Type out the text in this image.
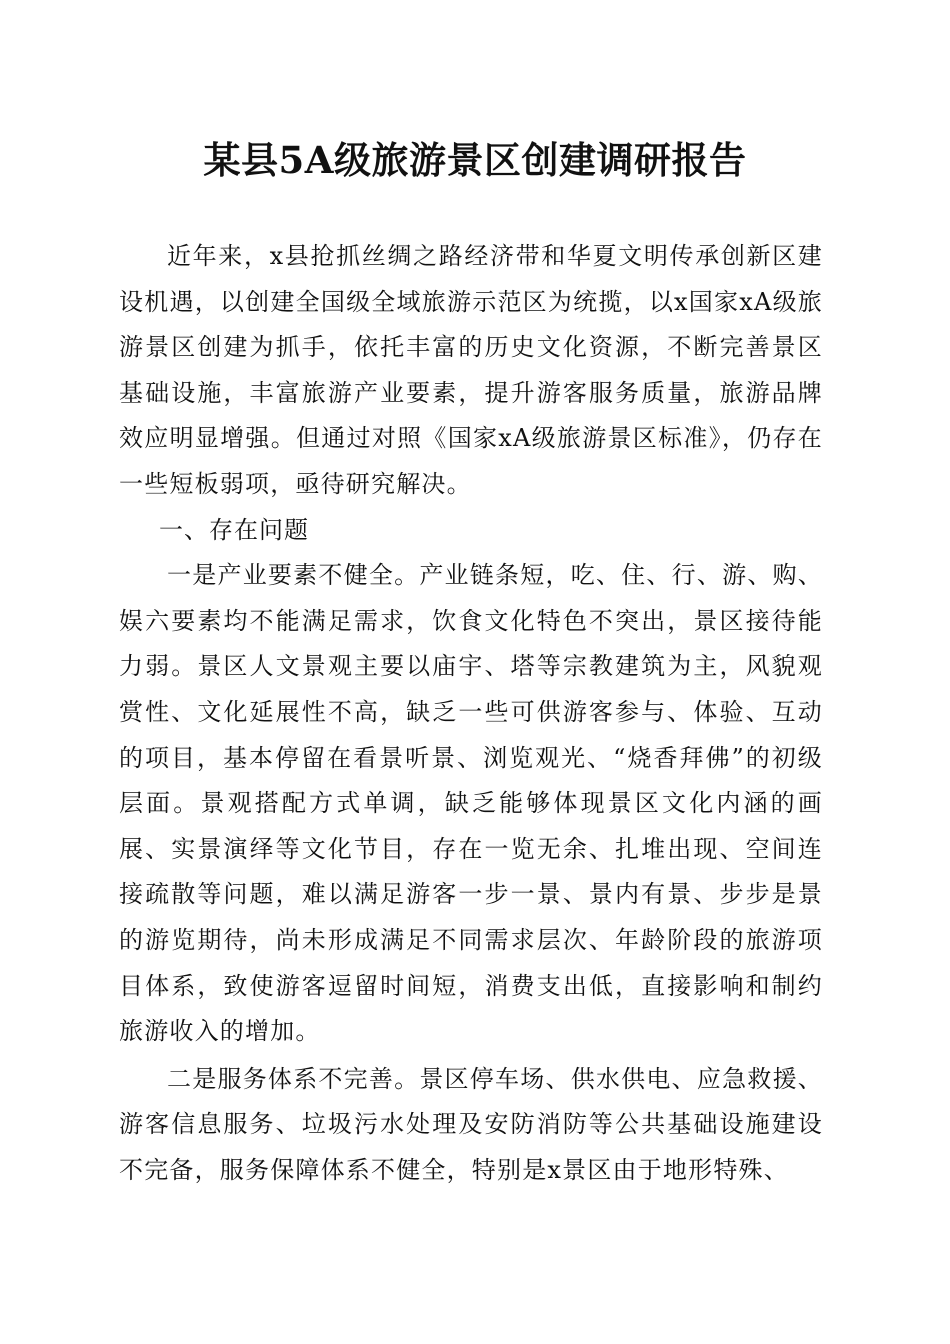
某县5A级旅游景区创建调研报告

近年来，x县抢抓丝绸之路经济带和华夏文明传承创新区建设机遇，以创建全国级全域旅游示范区为统揽，以x国家xA级旅游景区创建为抓手，依托丰富的历史文化资源，不断完善景区基础设施，丰富旅游产业要素，提升游客服务质量，旅游品牌效应明显增强。但通过对照《国家xA级旅游景区标准》，仍存在一些短板弱项，亟待研究解决。

一、存在问题

一是产业要素不健全。产业链条短，吃、住、行、游、购、娱六要素均不能满足需求，饮食文化特色不突出，景区接待能力弱。景区人文景观主要以庙宇、塔等宗教建筑为主，风貌观赏性、文化延展性不高，缺乏一些可供游客参与、体验、互动的项目，基本停留在看景听景、浏览观光、“烧香拜佛”的初级层面。景观搭配方式单调，缺乏能够体现景区文化内涵的画展、实景演绎等文化节目，存在一览无余、扎堆出现、空间连接疏散等问题，难以满足游客一步一景、景内有景、步步是景的游览期待，尚未形成满足不同需求层次、年龄阶段的旅游项目体系，致使游客逗留时间短，消费支出低，直接影响和制约旅游收入的增加。

二是服务体系不完善。景区停车场、供水供电、应急救援、游客信息服务、垃圾污水处理及安防消防等公共基础设施建设不完备，服务保障体系不健全，特别是x景区由于地形特殊、
